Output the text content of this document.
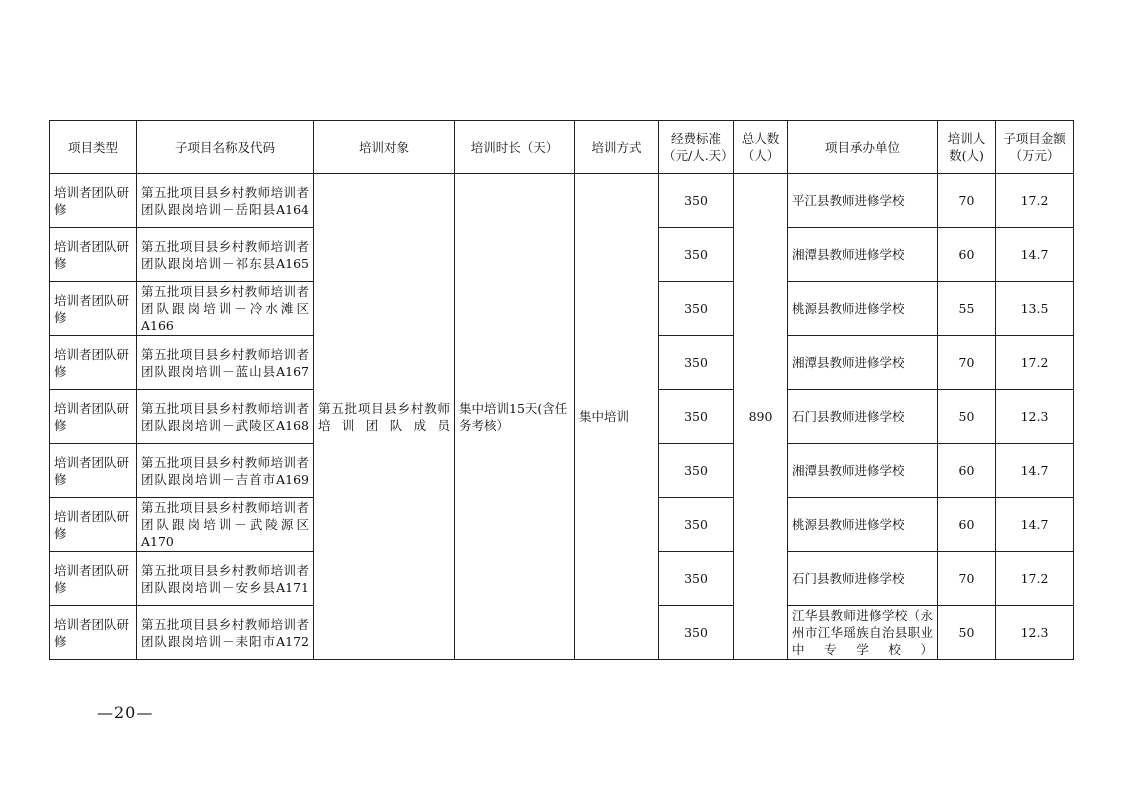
项目类型	子项目名称及代码	培训对象	培训时长（天）	培训方式	经费标准（元/人.天）	总人数（人）	项目承办单位	培训人数(人)	子项目金额（万元）
培训者团队研修	第五批项目县乡村教师培训者团队跟岗培训－岳阳县A164	第五批项目县乡村教师培训团队成员	集中培训15天(含任务考核）	集中培训	350	890	平江县教师进修学校	70	17.2
培训者团队研修	第五批项目县乡村教师培训者团队跟岗培训－祁东县A165				350		湘潭县教师进修学校	60	14.7
培训者团队研修	第五批项目县乡村教师培训者团队跟岗培训－冷水滩区A166				350		桃源县教师进修学校	55	13.5
培训者团队研修	第五批项目县乡村教师培训者团队跟岗培训－蓝山县A167				350		湘潭县教师进修学校	70	17.2
培训者团队研修	第五批项目县乡村教师培训者团队跟岗培训－武陵区A168				350		石门县教师进修学校	50	12.3
培训者团队研修	第五批项目县乡村教师培训者团队跟岗培训－吉首市A169				350		湘潭县教师进修学校	60	14.7
培训者团队研修	第五批项目县乡村教师培训者团队跟岗培训－武陵源区A170				350		桃源县教师进修学校	60	14.7
培训者团队研修	第五批项目县乡村教师培训者团队跟岗培训－安乡县A171				350		石门县教师进修学校	70	17.2
培训者团队研修	第五批项目县乡村教师培训者团队跟岗培训－耒阳市A172				350		江华县教师进修学校（永州市江华瑶族自治县职业中专学校）	50	12.3
—20—
